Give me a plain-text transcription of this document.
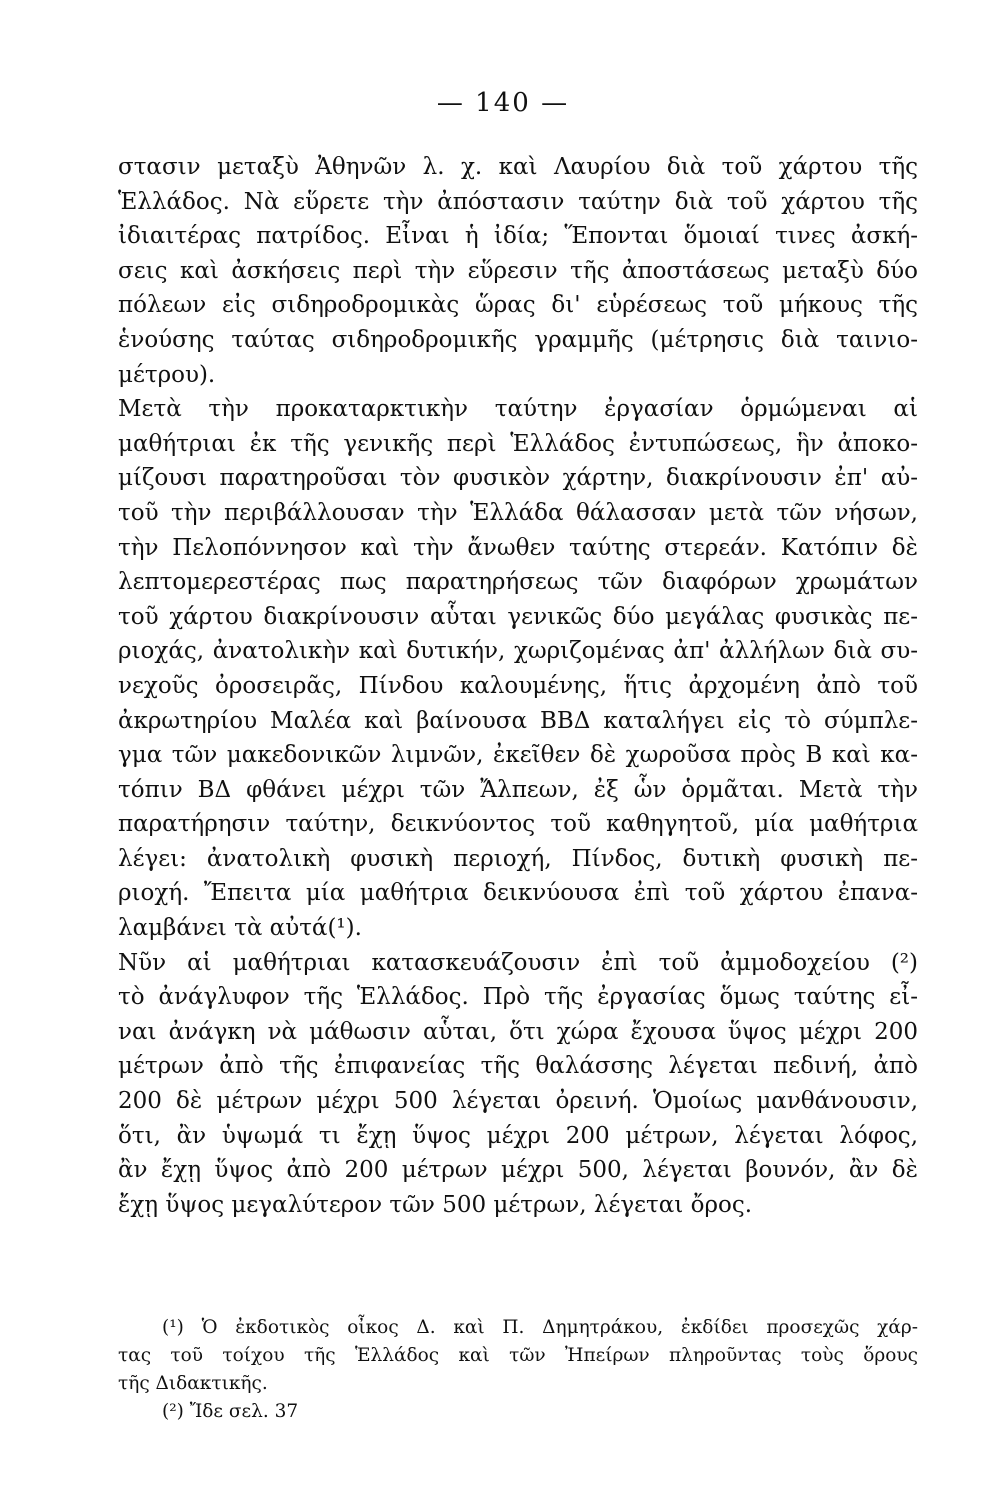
— 140 —
στασιν μεταξὺ Ἀθηνῶν λ. χ. καὶ Λαυρίου διὰ τοῦ χάρτου τῆς
Ἑλλάδος. Νὰ εὕρετε τὴν ἀπόστασιν ταύτην διὰ τοῦ χάρτου τῆς
ἰδιαιτέρας πατρίδος. Εἶναι ἡ ἰδία; Ἕπονται ὅμοιαί τινες ἀσκή-
σεις καὶ ἀσκήσεις περὶ τὴν εὕρεσιν τῆς ἀποστάσεως μεταξὺ δύο
πόλεων εἰς σιδηροδρομικὰς ὥρας δι' εὑρέσεως τοῦ μήκους τῆς
ἑνούσης ταύτας σιδηροδρομικῆς γραμμῆς (μέτρησις διὰ ταινιο-
μέτρου).
Μετὰ τὴν προκαταρκτικὴν ταύτην ἐργασίαν ὁρμώμεναι αἱ
μαθήτριαι ἐκ τῆς γενικῆς περὶ Ἑλλάδος ἐντυπώσεως, ἣν ἀποκο-
μίζουσι παρατηροῦσαι τὸν φυσικὸν χάρτην, διακρίνουσιν ἐπ' αὐ-
τοῦ τὴν περιβάλλουσαν τὴν Ἑλλάδα θάλασσαν μετὰ τῶν νήσων,
τὴν Πελοπόννησον καὶ τὴν ἄνωθεν ταύτης στερεάν. Κατόπιν δὲ
λεπτομερεστέρας πως παρατηρήσεως τῶν διαφόρων χρωμάτων
τοῦ χάρτου διακρίνουσιν αὗται γενικῶς δύο μεγάλας φυσικὰς πε-
ριοχάς, ἀνατολικὴν καὶ δυτικήν, χωριζομένας ἀπ' ἀλλήλων διὰ συ-
νεχοῦς ὀροσειρᾶς, Πίνδου καλουμένης, ἥτις ἀρχομένη ἀπὸ τοῦ
ἀκρωτηρίου Μαλέα καὶ βαίνουσα ΒΒΔ καταλήγει εἰς τὸ σύμπλε-
γμα τῶν μακεδονικῶν λιμνῶν, ἐκεῖθεν δὲ χωροῦσα πρὸς Β καὶ κα-
τόπιν ΒΔ φθάνει μέχρι τῶν Ἄλπεων, ἐξ ὧν ὁρμᾶται. Μετὰ τὴν
παρατήρησιν ταύτην, δεικνύοντος τοῦ καθηγητοῦ, μία μαθήτρια
λέγει: ἀνατολικὴ φυσικὴ περιοχή, Πίνδος, δυτικὴ φυσικὴ πε-
ριοχή. Ἔπειτα μία μαθήτρια δεικνύουσα ἐπὶ τοῦ χάρτου ἐπανα-
λαμβάνει τὰ αὐτά(¹).
Νῦν αἱ μαθήτριαι κατασκευάζουσιν ἐπὶ τοῦ ἀμμοδοχείου (²)
τὸ ἀνάγλυφον τῆς Ἑλλάδος. Πρὸ τῆς ἐργασίας ὅμως ταύτης εἶ-
ναι ἀνάγκη νὰ μάθωσιν αὗται, ὅτι χώρα ἔχουσα ὕψος μέχρι 200
μέτρων ἀπὸ τῆς ἐπιφανείας τῆς θαλάσσης λέγεται πεδινή, ἀπὸ
200 δὲ μέτρων μέχρι 500 λέγεται ὀρεινή. Ὁμοίως μανθάνουσιν,
ὅτι, ἂν ὑψωμά τι ἔχῃ ὕψος μέχρι 200 μέτρων, λέγεται λόφος,
ἂν ἔχῃ ὕψος ἀπὸ 200 μέτρων μέχρι 500, λέγεται βουνόν, ἂν δὲ
ἔχῃ ὕψος μεγαλύτερον τῶν 500 μέτρων, λέγεται ὄρος.
(¹) Ὁ ἐκδοτικὸς οἶκος Δ. καὶ Π. Δημητράκου, ἐκδίδει προσεχῶς χάρ-
τας τοῦ τοίχου τῆς Ἑλλάδος καὶ τῶν Ἠπείρων πληροῦντας τοὺς ὅρους
τῆς Διδακτικῆς.
(²) Ἴδε σελ. 37
